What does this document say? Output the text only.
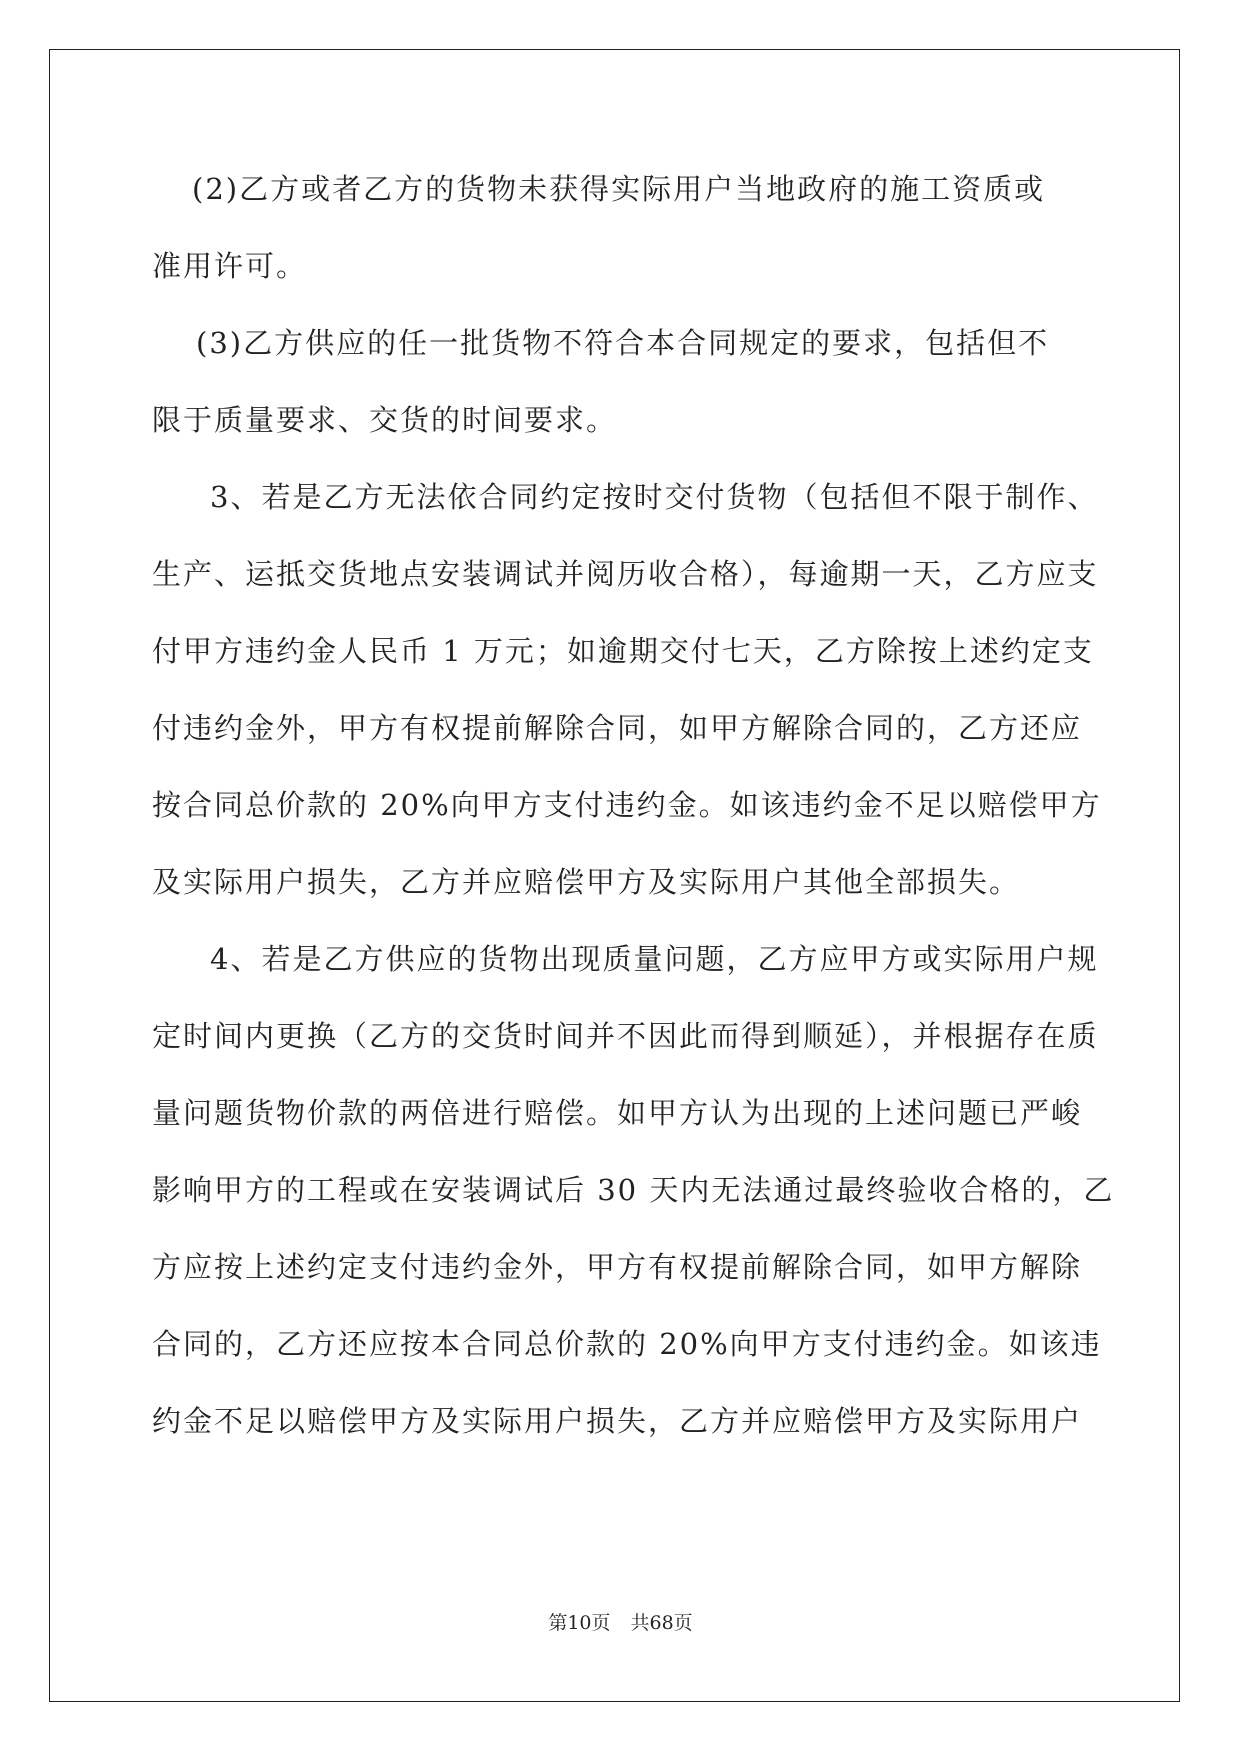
(2)乙方或者乙方的货物未获得实际用户当地政府的施工资质或
准用许可。
(3)乙方供应的任一批货物不符合本合同规定的要求，包括但不
限于质量要求、交货的时间要求。
3、若是乙方无法依合同约定按时交付货物（包括但不限于制作、
生产、运抵交货地点安装调试并阅历收合格），每逾期一天，乙方应支
付甲方违约金人民币 1 万元；如逾期交付七天，乙方除按上述约定支
付违约金外，甲方有权提前解除合同，如甲方解除合同的，乙方还应
按合同总价款的 20%向甲方支付违约金。如该违约金不足以赔偿甲方
及实际用户损失，乙方并应赔偿甲方及实际用户其他全部损失。
4、若是乙方供应的货物出现质量问题，乙方应甲方或实际用户规
定时间内更换（乙方的交货时间并不因此而得到顺延），并根据存在质
量问题货物价款的两倍进行赔偿。如甲方认为出现的上述问题已严峻
影响甲方的工程或在安装调试后 30 天内无法通过最终验收合格的，乙
方应按上述约定支付违约金外，甲方有权提前解除合同，如甲方解除
合同的，乙方还应按本合同总价款的 20%向甲方支付违约金。如该违
约金不足以赔偿甲方及实际用户损失，乙方并应赔偿甲方及实际用户
第10页 共68页
